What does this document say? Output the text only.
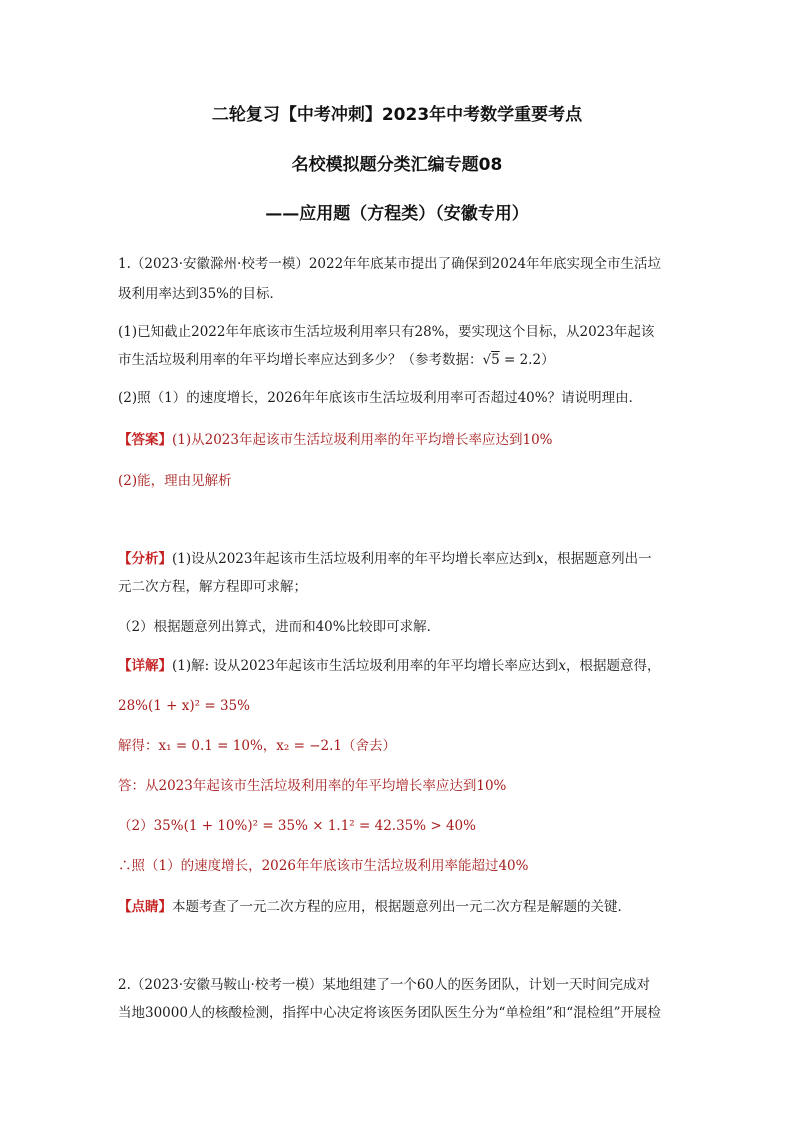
二轮复习【中考冲刺】2023年中考数学重要考点
名校模拟题分类汇编专题08
——应用题（方程类）（安徽专用）
1.（2023·安徽滁州·校考一模）2022年年底某市提出了确保到2024年年底实现全市生活垃
圾利用率达到35%的目标．
(1)已知截止2022年年底该市生活垃圾利用率只有28%，要实现这个目标，从2023年起该
市生活垃圾利用率的年平均增长率应达到多少？（参考数据：√5 = 2.2）
(2)照（1）的速度增长，2026年年底该市生活垃圾利用率可否超过40%？请说明理由．
【答案】(1)从2023年起该市生活垃圾利用率的年平均增长率应达到10%
(2)能，理由见解析
【分析】(1)设从2023年起该市生活垃圾利用率的年平均增长率应达到x，根据题意列出一
元二次方程，解方程即可求解；
（2）根据题意列出算式，进而和40%比较即可求解．
【详解】(1)解: 设从2023年起该市生活垃圾利用率的年平均增长率应达到x，根据题意得，
28%(1 + x)² = 35%
解得：x₁ = 0.1 = 10%，x₂ = −2.1（舍去）
答：从2023年起该市生活垃圾利用率的年平均增长率应达到10%
（2）35%(1 + 10%)² = 35% × 1.1² = 42.35% > 40%
∴照（1）的速度增长，2026年年底该市生活垃圾利用率能超过40%
【点睛】本题考查了一元二次方程的应用，根据题意列出一元二次方程是解题的关键．
2.（2023·安徽马鞍山·校考一模）某地组建了一个60人的医务团队，计划一天时间完成对
当地30000人的核酸检测，指挥中心决定将该医务团队医生分为“单检组”和“混检组”开展检
